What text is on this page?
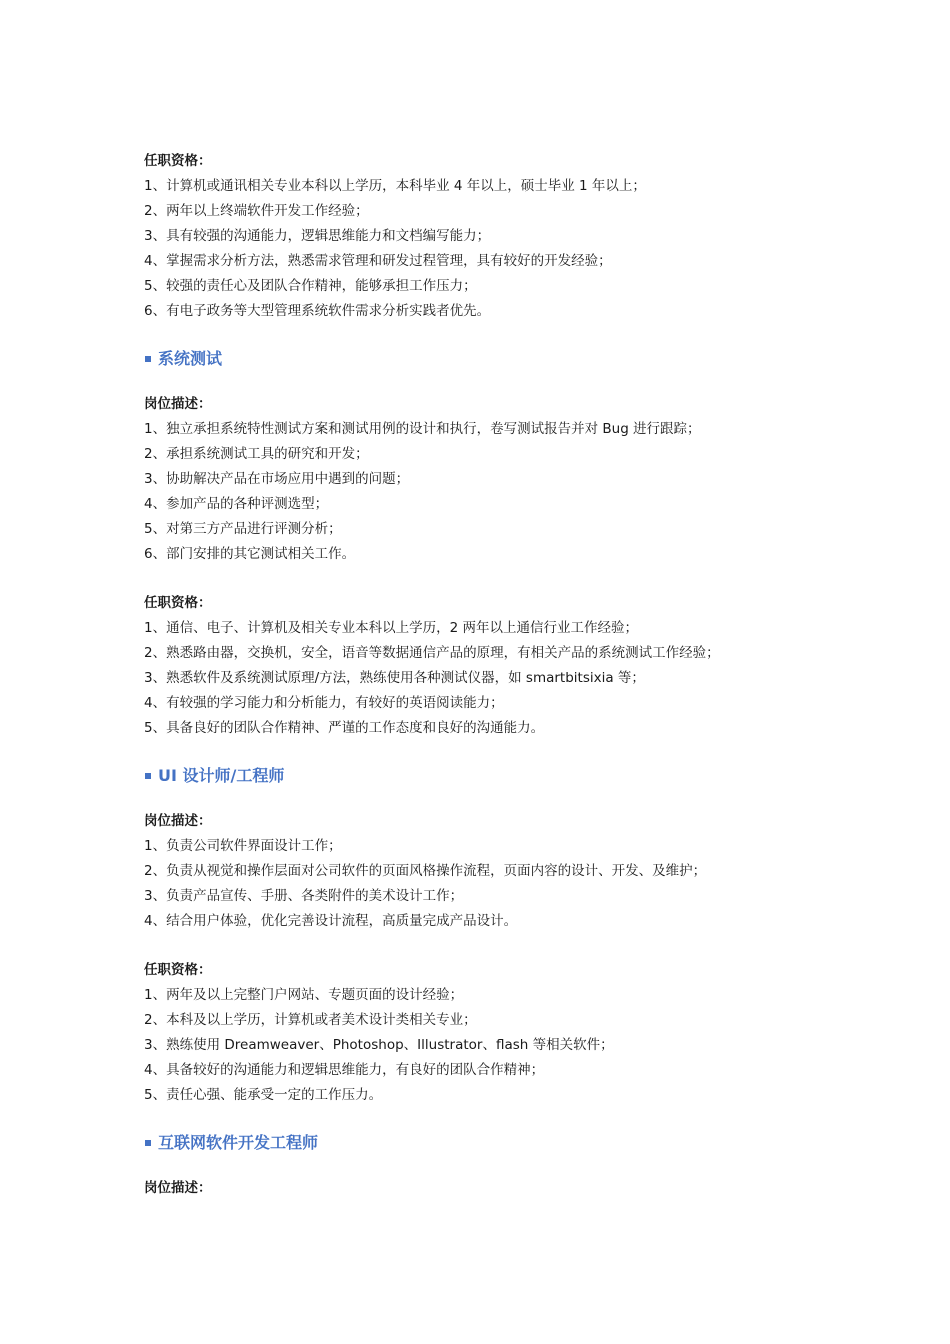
任职资格：
1、计算机或通讯相关专业本科以上学历，本科毕业 4 年以上，硕士毕业 1 年以上；
2、两年以上终端软件开发工作经验；
3、具有较强的沟通能力，逻辑思维能力和文档编写能力；
4、掌握需求分析方法，熟悉需求管理和研发过程管理，具有较好的开发经验；
5、较强的责任心及团队合作精神，能够承担工作压力；
6、有电子政务等大型管理系统软件需求分析实践者优先。
系统测试
岗位描述：
1、独立承担系统特性测试方案和测试用例的设计和执行，卷写测试报告并对 Bug 进行跟踪；
2、承担系统测试工具的研究和开发；
3、协助解决产品在市场应用中遇到的问题；
4、参加产品的各种评测选型；
5、对第三方产品进行评测分析；
6、部门安排的其它测试相关工作。
任职资格：
1、通信、电子、计算机及相关专业本科以上学历，2 两年以上通信行业工作经验；
2、熟悉路由器，交换机，安全，语音等数据通信产品的原理，有相关产品的系统测试工作经验；
3、熟悉软件及系统测试原理/方法，熟练使用各种测试仪器，如 smartbitsixia 等；
4、有较强的学习能力和分析能力，有较好的英语阅读能力；
5、具备良好的团队合作精神、严谨的工作态度和良好的沟通能力。
UI 设计师/工程师
岗位描述：
1、负责公司软件界面设计工作；
2、负责从视觉和操作层面对公司软件的页面风格操作流程，页面内容的设计、开发、及维护；
3、负责产品宣传、手册、各类附件的美术设计工作；
4、结合用户体验，优化完善设计流程，高质量完成产品设计。
任职资格：
1、两年及以上完整门户网站、专题页面的设计经验；
2、本科及以上学历，计算机或者美术设计类相关专业；
3、熟练使用 Dreamweaver、Photoshop、Illustrator、flash 等相关软件；
4、具备较好的沟通能力和逻辑思维能力，有良好的团队合作精神；
5、责任心强、能承受一定的工作压力。
互联网软件开发工程师
岗位描述：
